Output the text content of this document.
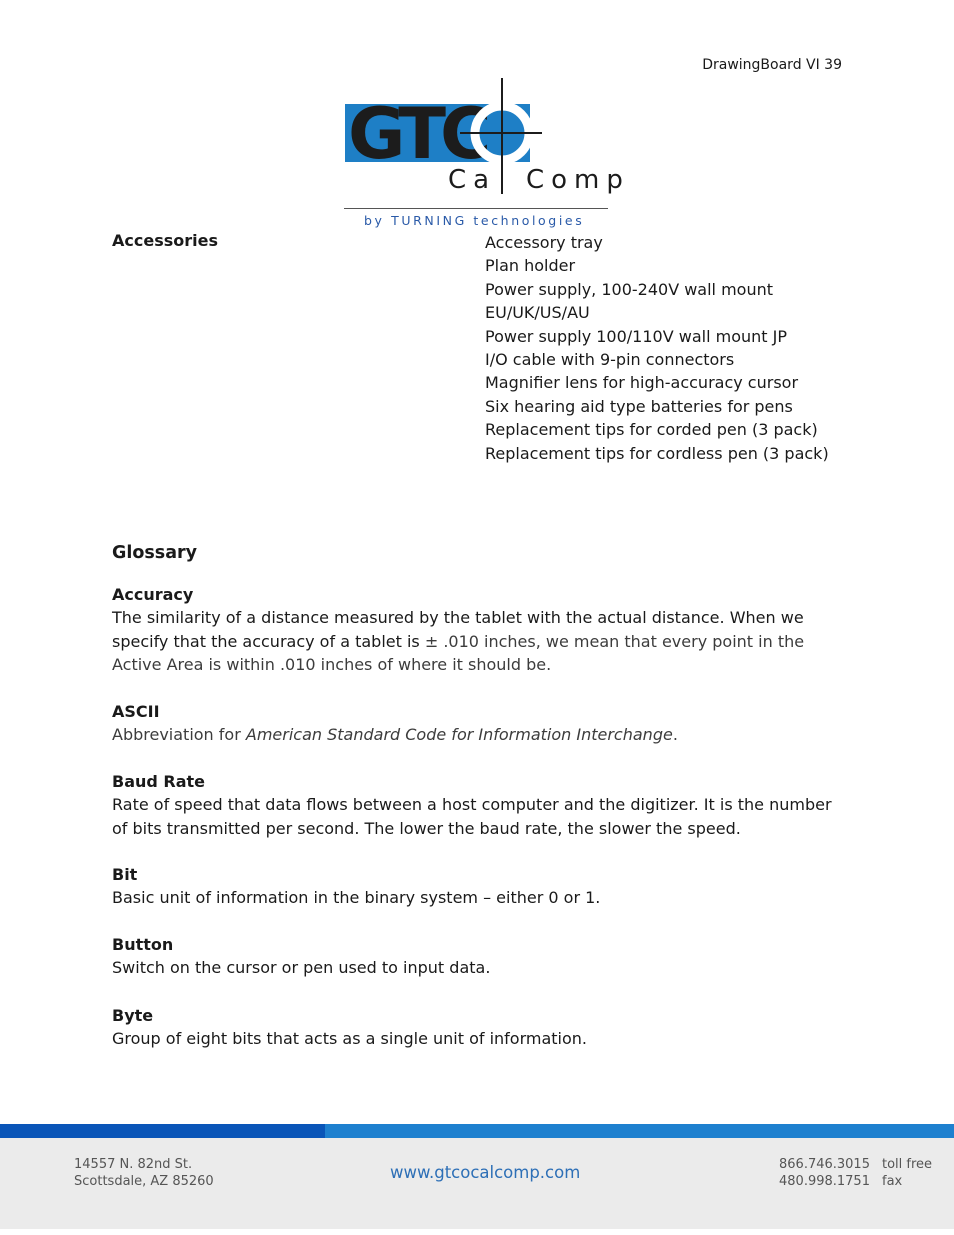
DrawingBoard VI 39
GTC
Ca Comp
by TURNING technologies
Accessories	Accessory tray
Plan holder
Power supply, 100-240V wall mount
EU/UK/US/AU
Power supply 100/110V wall mount JP
I/O cable with 9-pin connectors
Magnifier lens for high-accuracy cursor
Six hearing aid type batteries for pens
Replacement tips for corded pen (3 pack)
Replacement tips for cordless pen (3 pack)
Glossary
Accuracy
The similarity of a distance measured by the tablet with the actual distance. When we specify that the accuracy of a tablet is ± .010 inches, we mean that every point in the Active Area is within .010 inches of where it should be.
ASCII
Abbreviation for American Standard Code for Information Interchange.
Baud Rate
Rate of speed that data flows between a host computer and the digitizer. It is the number of bits transmitted per second. The lower the baud rate, the slower the speed.
Bit
Basic unit of information in the binary system – either 0 or 1.
Button
Switch on the cursor or pen used to input data.
Byte
Group of eight bits that acts as a single unit of information.
14557 N. 82nd St.
Scottsdale, AZ 85260	www.gtcocalcomp.com	866.746.3015
480.998.1751
toll free
fax
